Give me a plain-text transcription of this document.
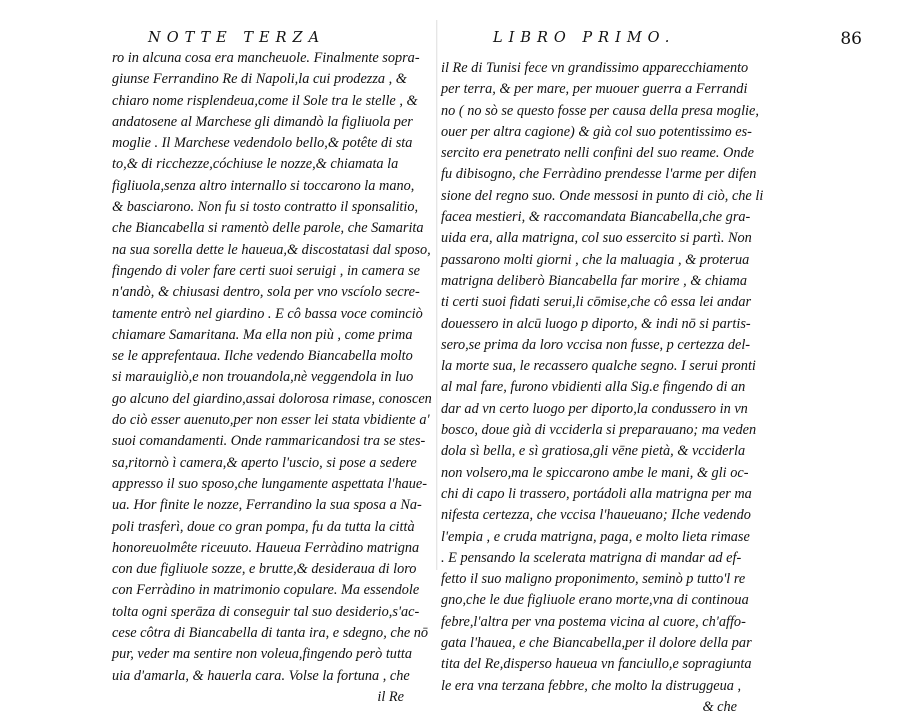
NOTTE TERZA
ro in alcuna cosa era mancheuole. Finalmente sopra-
giunse Ferrandino Re di Napoli,la cui prodezza , &
chiaro nome risplendeua,come il Sole tra le stelle , &
andatosene al Marchese gli dimandò la figliuola per
moglie . Il Marchese vedendolo bello,& potête di sta
to,& di ricchezze,cóchiuse le nozze,& chiamata la
figliuola,senza altro internallo si toccarono la mano,
& basciarono. Non fu si tosto contratto il sponsalitio,
che Biancabella si ramentò delle parole, che Samarita
na sua sorella dette le haueua,& discostatasi dal sposo,
fingendo di voler fare certi suoi seruigi , in camera se
n'andò, & chiusasi dentro, sola per vno vscíolo secre-
tamente entrò nel giardino . E cô bassa voce cominciò
chiamare Samaritana. Ma ella non più , come prima
se le apprefentaua. Ilche vedendo Biancabella molto
si marauigliò,e non trouandola,nè veggendola in luo
go alcuno del giardino,assai dolorosa rimase, conoscen
do ciò esser auenuto,per non esser lei stata vbidiente a'
suoi comandamenti. Onde rammaricandosi tra se stes-
sa,ritornò ì camera,& aperto l'uscio, si pose a sedere
appresso il suo sposo,che lungamente aspettata l'haue-
ua. Hor finite le nozze, Ferrandino la sua sposa a Na-
poli trasferì, doue co gran pompa, fu da tutta la città
honoreuolmête riceuuto. Haueua Ferràdino matrigna
con due figliuole sozze, e brutte,& desideraua di loro
con Ferràdino in matrimonio copulare. Ma essendole
tolta ogni sperāza di conseguir tal suo desiderio,s'ac-
cese côtra di Biancabella di tanta ira, e sdegno, che nō
pur, veder ma sentire non voleua,fingendo però tutta
uia d'amarla, & hauerla cara. Volse la fortuna , che
il Re
LIBRO PRIMO.	86
il Re di Tunisi fece vn grandissimo apparecchiamento
per terra, & per mare, per muouer guerra a Ferrandi
no ( no sò se questo fosse per causa della presa moglie,
ouer per altra cagione) & già col suo potentissimo es-
sercito era penetrato nelli confini del suo reame. Onde
fu dibisogno, che Ferràdino prendesse l'arme per difen
sione del regno suo. Onde messosi in punto di ciò, che li
facea mestieri, & raccomandata Biancabella,che gra-
uida era, alla matrigna, col suo essercito si partì. Non
passarono molti giorni , che la maluagia , & proterua
matrigna deliberò Biancabella far morire , & chiama
ti certi suoi fidati serui,li cōmise,che cô essa lei andar
douessero in alcū luogo p diporto, & indi nō si partis-
sero,se prima da loro vccisa non fusse, p certezza del-
la morte sua, le recassero qualche segno. I serui pronti
al mal fare, furono vbidienti alla Sig.e fingendo di an
dar ad vn certo luogo per diporto,la condussero in vn
bosco, doue già di vcciderla si preparauano; ma veden
dola sì bella, e sì gratiosa,gli vēne pietà, & vcciderla
non volsero,ma le spiccarono ambe le mani, & gli oc-
chi di capo li trassero, portádoli alla matrigna per ma
nifesta certezza, che vccisa l'haueuano; Ilche vedendo
l'empia , e cruda matrigna, paga, e molto lieta rimase
. E pensando la scelerata matrigna di mandar ad ef-
fetto il suo maligno proponimento, seminò p tutto'l re
gno,che le due figliuole erano morte,vna di continoua
febre,l'altra per vna postema vicina al cuore, ch'affo-
gata l'hauea, e che Biancabella,per il dolore della par
tita del Re,disperso haueua vn fanciullo,e sopragiunta
le era vna terzana febbre, che molto la distruggeua ,
& che
